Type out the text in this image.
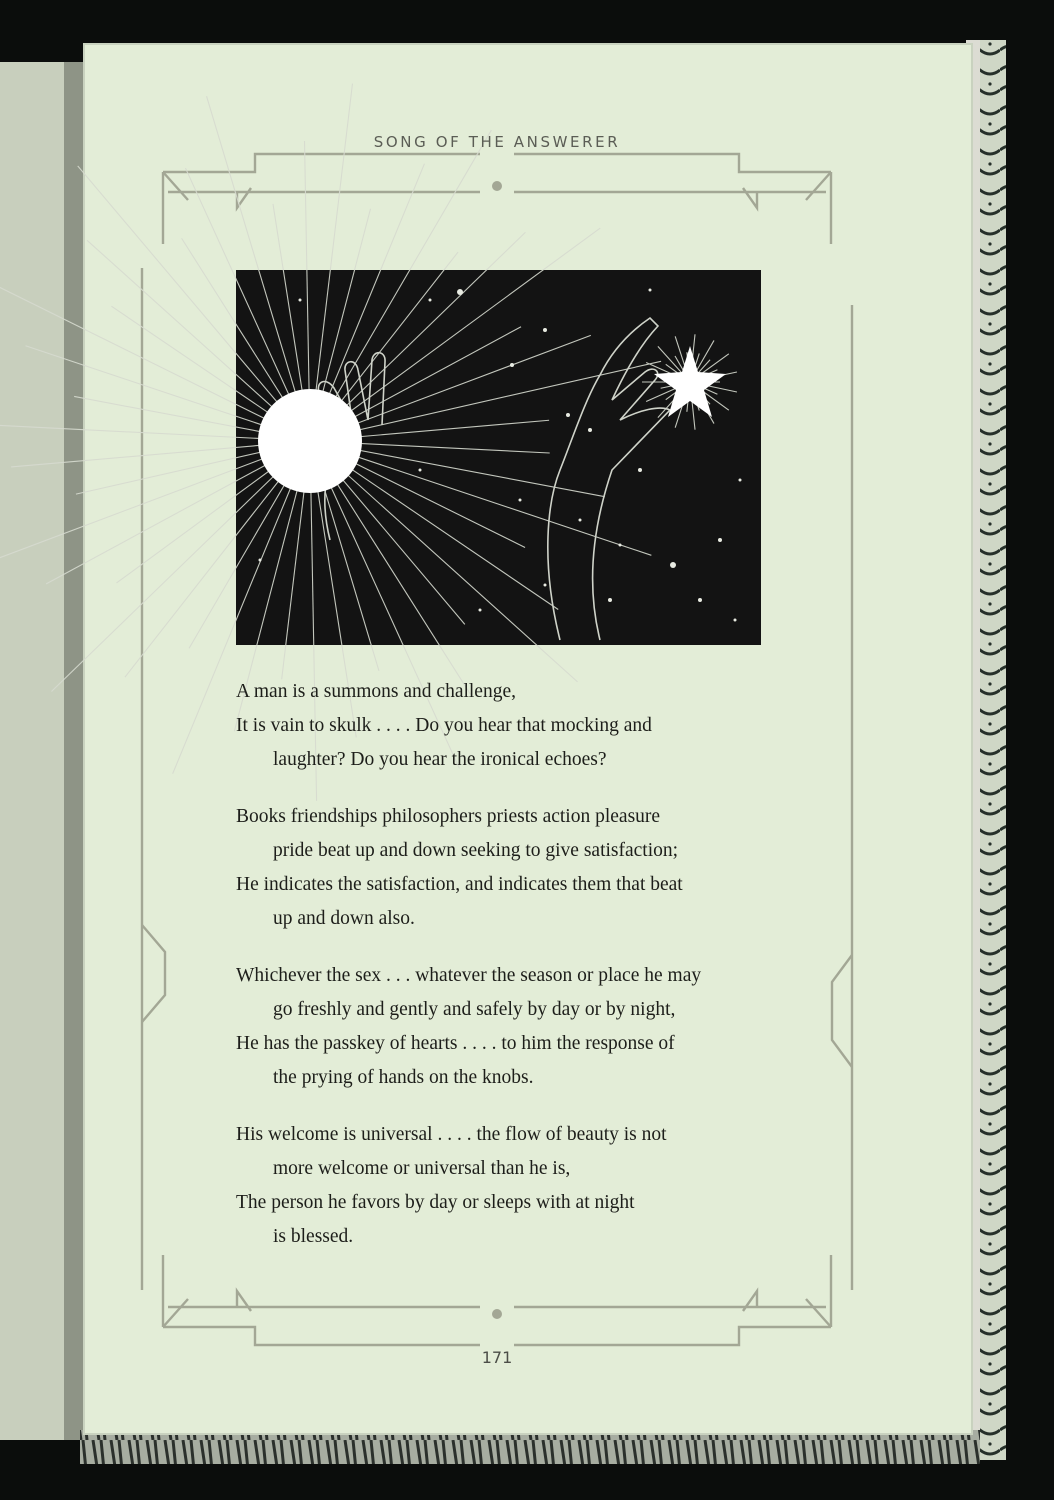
SONG OF THE ANSWERER
A man is a summons and challenge,
It is vain to skulk . . . . Do you hear that mocking and
laughter? Do you hear the ironical echoes?
Books friendships philosophers priests action pleasure
pride beat up and down seeking to give satisfaction;
He indicates the satisfaction, and indicates them that beat
up and down also.
Whichever the sex . . . whatever the season or place he may
go freshly and gently and safely by day or by night,
He has the passkey of hearts . . . . to him the response of
the prying of hands on the knobs.
His welcome is universal . . . . the flow of beauty is not
more welcome or universal than he is,
The person he favors by day or sleeps with at night
is blessed.
171
